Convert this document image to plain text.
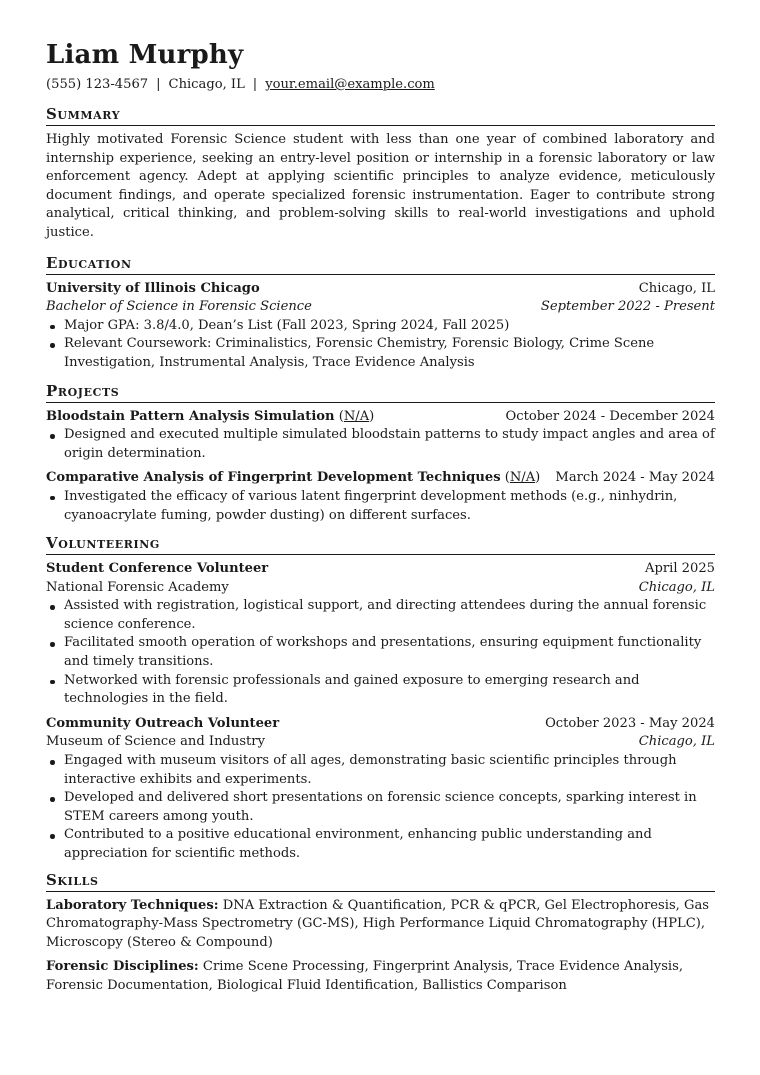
Liam Murphy
(555) 123-4567 | Chicago, IL | your.email@example.com
Summary
Highly motivated Forensic Science student with less than one year of combined laboratory and internship experience, seeking an entry-level position or internship in a forensic laboratory or law enforcement agency. Adept at applying scientific principles to analyze evidence, meticulously document findings, and operate specialized forensic instrumentation. Eager to contribute strong analytical, critical thinking, and problem-solving skills to real-world investigations and uphold justice.
Education
University of Illinois Chicago	Chicago, IL
Bachelor of Science in Forensic Science	September 2022 - Present
Major GPA: 3.8/4.0, Dean’s List (Fall 2023, Spring 2024, Fall 2025)
Relevant Coursework: Criminalistics, Forensic Chemistry, Forensic Biology, Crime Scene Investigation, Instrumental Analysis, Trace Evidence Analysis
Projects
Bloodstain Pattern Analysis Simulation (N/A)	October 2024 - December 2024
Designed and executed multiple simulated bloodstain patterns to study impact angles and area of origin determination.
Comparative Analysis of Fingerprint Development Techniques (N/A) March 2024 - May 2024
Investigated the efficacy of various latent fingerprint development methods (e.g., ninhydrin, cyanoacrylate fuming, powder dusting) on different surfaces.
Volunteering
Student Conference Volunteer	April 2025
National Forensic Academy	Chicago, IL
Assisted with registration, logistical support, and directing attendees during the annual forensic science conference.
Facilitated smooth operation of workshops and presentations, ensuring equipment functionality and timely transitions.
Networked with forensic professionals and gained exposure to emerging research and technologies in the field.
Community Outreach Volunteer	October 2023 - May 2024
Museum of Science and Industry	Chicago, IL
Engaged with museum visitors of all ages, demonstrating basic scientific principles through interactive exhibits and experiments.
Developed and delivered short presentations on forensic science concepts, sparking interest in STEM careers among youth.
Contributed to a positive educational environment, enhancing public understanding and appreciation for scientific methods.
Skills
Laboratory Techniques: DNA Extraction & Quantification, PCR & qPCR, Gel Electrophoresis, Gas Chromatography-Mass Spectrometry (GC-MS), High Performance Liquid Chromatography (HPLC), Microscopy (Stereo & Compound)
Forensic Disciplines: Crime Scene Processing, Fingerprint Analysis, Trace Evidence Analysis, Forensic Documentation, Biological Fluid Identification, Ballistics Comparison
